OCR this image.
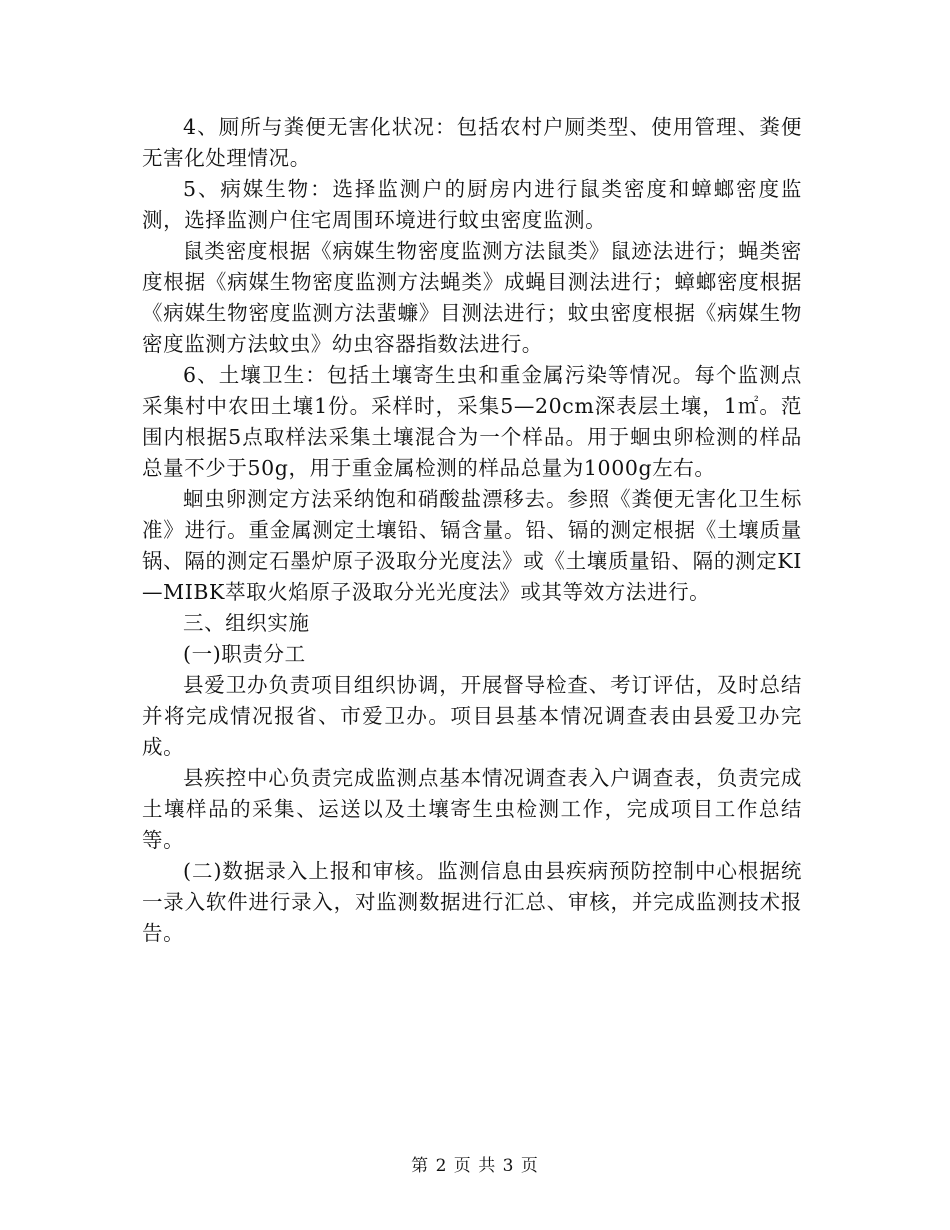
4、厕所与粪便无害化状况：包括农村户厕类型、使用管理、粪便无害化处理情况。

5、病媒生物：选择监测户的厨房内进行鼠类密度和蟑螂密度监测，选择监测户住宅周围环境进行蚊虫密度监测。

鼠类密度根据《病媒生物密度监测方法鼠类》鼠迹法进行；蝇类密度根据《病媒生物密度监测方法蝇类》成蝇目测法进行；蟑螂密度根据《病媒生物密度监测方法蜚蠊》目测法进行；蚊虫密度根据《病媒生物密度监测方法蚊虫》幼虫容器指数法进行。

6、土壤卫生：包括土壤寄生虫和重金属污染等情况。每个监测点采集村中农田土壤1份。采样时，采集5—20cm深表层土壤，1㎡。范围内根据5点取样法采集土壤混合为一个样品。用于蛔虫卵检测的样品总量不少于50g，用于重金属检测的样品总量为1000g左右。

蛔虫卵测定方法采纳饱和硝酸盐漂移去。参照《粪便无害化卫生标准》进行。重金属测定土壤铅、镉含量。铅、镉的测定根据《土壤质量锅、隔的测定石墨炉原子汲取分光度法》或《土壤质量铅、隔的测定KI—MIBK萃取火焰原子汲取分光光度法》或其等效方法进行。

三、组织实施

(一)职责分工

县爱卫办负责项目组织协调，开展督导检查、考订评估，及时总结并将完成情况报省、市爱卫办。项目县基本情况调查表由县爱卫办完成。

县疾控中心负责完成监测点基本情况调查表入户调查表，负责完成土壤样品的采集、运送以及土壤寄生虫检测工作，完成项目工作总结等。

(二)数据录入上报和审核。监测信息由县疾病预防控制中心根据统一录入软件进行录入，对监测数据进行汇总、审核，并完成监测技术报告。

第 2 页 共 3 页
